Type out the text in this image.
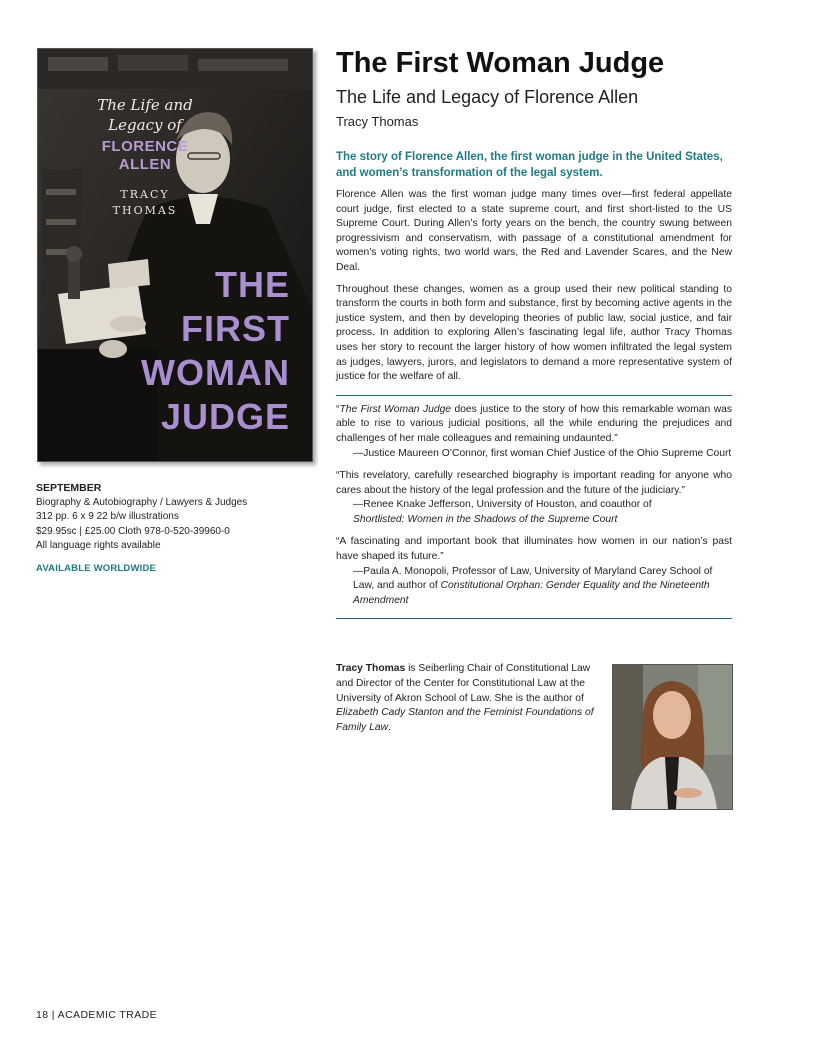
The Life and Legacy of
FLORENCE ALLEN
TRACY
THOMAS
THE
FIRST
WOMAN
JUDGE
SEPTEMBER
Biography & Autobiography / Lawyers & Judges
312 pp. 6 x 9 22 b/w illustrations
$29.95sc | £25.00 Cloth 978-0-520-39960-0
All language rights available
AVAILABLE WORLDWIDE
The First Woman Judge
The Life and Legacy of Florence Allen
Tracy Thomas
The story of Florence Allen, the first woman judge in the United States, and women’s transformation of the legal system.

Florence Allen was the first woman judge many times over—first federal appellate court judge, first elected to a state supreme court, and first short-listed to the US Supreme Court. During Allen’s forty years on the bench, the country swung between progressivism and conservatism, with passage of a constitutional amendment for women’s voting rights, two world wars, the Red and Lavender Scares, and the New Deal.

Throughout these changes, women as a group used their new political standing to transform the courts in both form and substance, first by becoming active agents in the justice system, and then by developing theories of public law, social justice, and fair process. In addition to exploring Allen’s fascinating legal life, author Tracy Thomas uses her story to recount the larger history of how women infiltrated the legal system as judges, lawyers, jurors, and legislators to demand a more representative system of justice for the welfare of all.

“The First Woman Judge does justice to the story of how this remarkable woman was able to rise to various judicial positions, all the while enduring the prejudices and challenges of her male colleagues and remaining undaunted.”
—Justice Maureen O’Connor, first woman Chief Justice of the Ohio Supreme Court
“This revelatory, carefully researched biography is important reading for anyone who cares about the history of the legal profession and the future of the judiciary.”
—Renee Knake Jefferson, University of Houston, and coauthor of
Shortlisted: Women in the Shadows of the Supreme Court
“A fascinating and important book that illuminates how women in our nation’s past have shaped its future.”
—Paula A. Monopoli, Professor of Law, University of Maryland Carey School of Law, and author of Constitutional Orphan: Gender Equality and the Nineteenth Amendment
Tracy Thomas is Seiberling Chair of Constitutional Law and Director of the Center for Constitutional Law at the University of Akron School of Law. She is the author of Elizabeth Cady Stanton and the Feminist Foundations of Family Law.
18 | ACADEMIC TRADE
